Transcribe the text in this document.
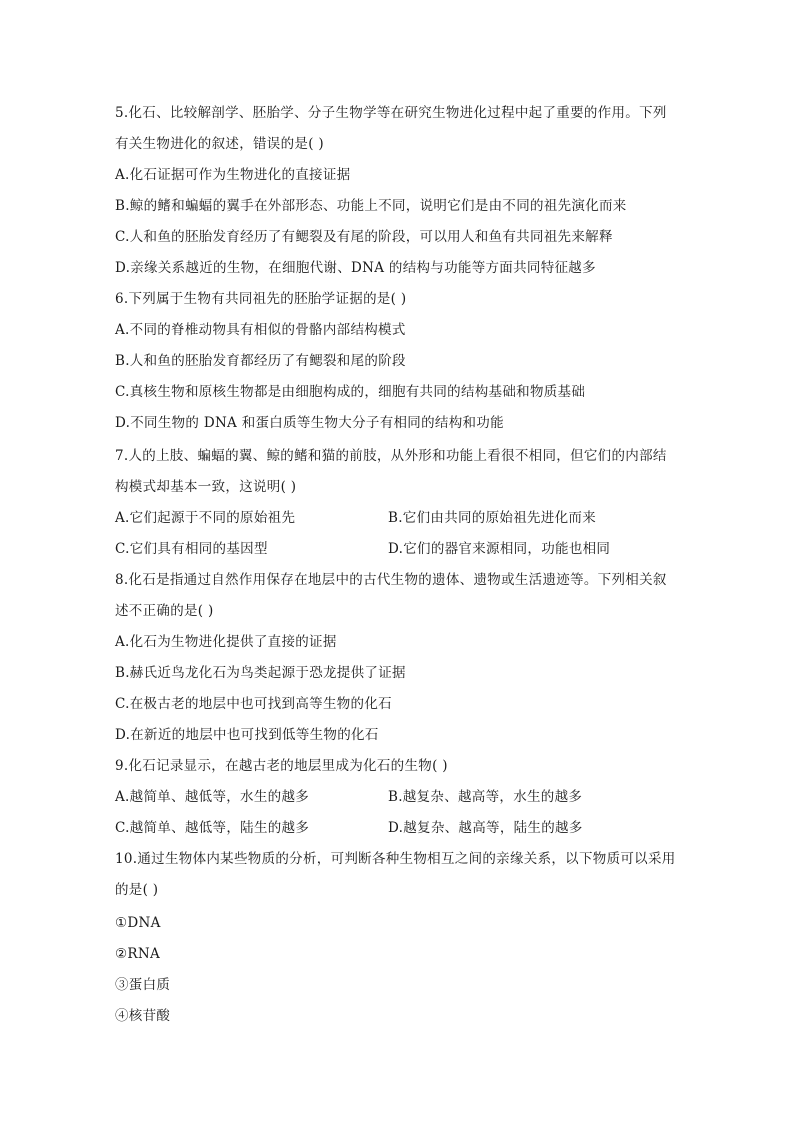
5.化石、比较解剖学、胚胎学、分子生物学等在研究生物进化过程中起了重要的作用。下列
有关生物进化的叙述，错误的是( )
A.化石证据可作为生物进化的直接证据
B.鲸的鳍和蝙蝠的翼手在外部形态、功能上不同，说明它们是由不同的祖先演化而来
C.人和鱼的胚胎发育经历了有鳃裂及有尾的阶段，可以用人和鱼有共同祖先来解释
D.亲缘关系越近的生物，在细胞代谢、DNA 的结构与功能等方面共同特征越多
6.下列属于生物有共同祖先的胚胎学证据的是( )
A.不同的脊椎动物具有相似的骨骼内部结构模式
B.人和鱼的胚胎发育都经历了有鳃裂和尾的阶段
C.真核生物和原核生物都是由细胞构成的，细胞有共同的结构基础和物质基础
D.不同生物的 DNA 和蛋白质等生物大分子有相同的结构和功能
7.人的上肢、蝙蝠的翼、鲸的鳍和猫的前肢，从外形和功能上看很不相同，但它们的内部结
构模式却基本一致，这说明( )
A.它们起源于不同的原始祖先	B.它们由共同的原始祖先进化而来
C.它们具有相同的基因型	D.它们的器官来源相同，功能也相同
8.化石是指通过自然作用保存在地层中的古代生物的遗体、遗物或生活遗迹等。下列相关叙
述不正确的是( )
A.化石为生物进化提供了直接的证据
B.赫氏近鸟龙化石为鸟类起源于恐龙提供了证据
C.在极古老的地层中也可找到高等生物的化石
D.在新近的地层中也可找到低等生物的化石
9.化石记录显示，在越古老的地层里成为化石的生物( )
A.越简单、越低等，水生的越多	B.越复杂、越高等，水生的越多
C.越简单、越低等，陆生的越多	D.越复杂、越高等，陆生的越多
10.通过生物体内某些物质的分析，可判断各种生物相互之间的亲缘关系，以下物质可以采用
的是( )
①DNA
②RNA
③蛋白质
④核苷酸
